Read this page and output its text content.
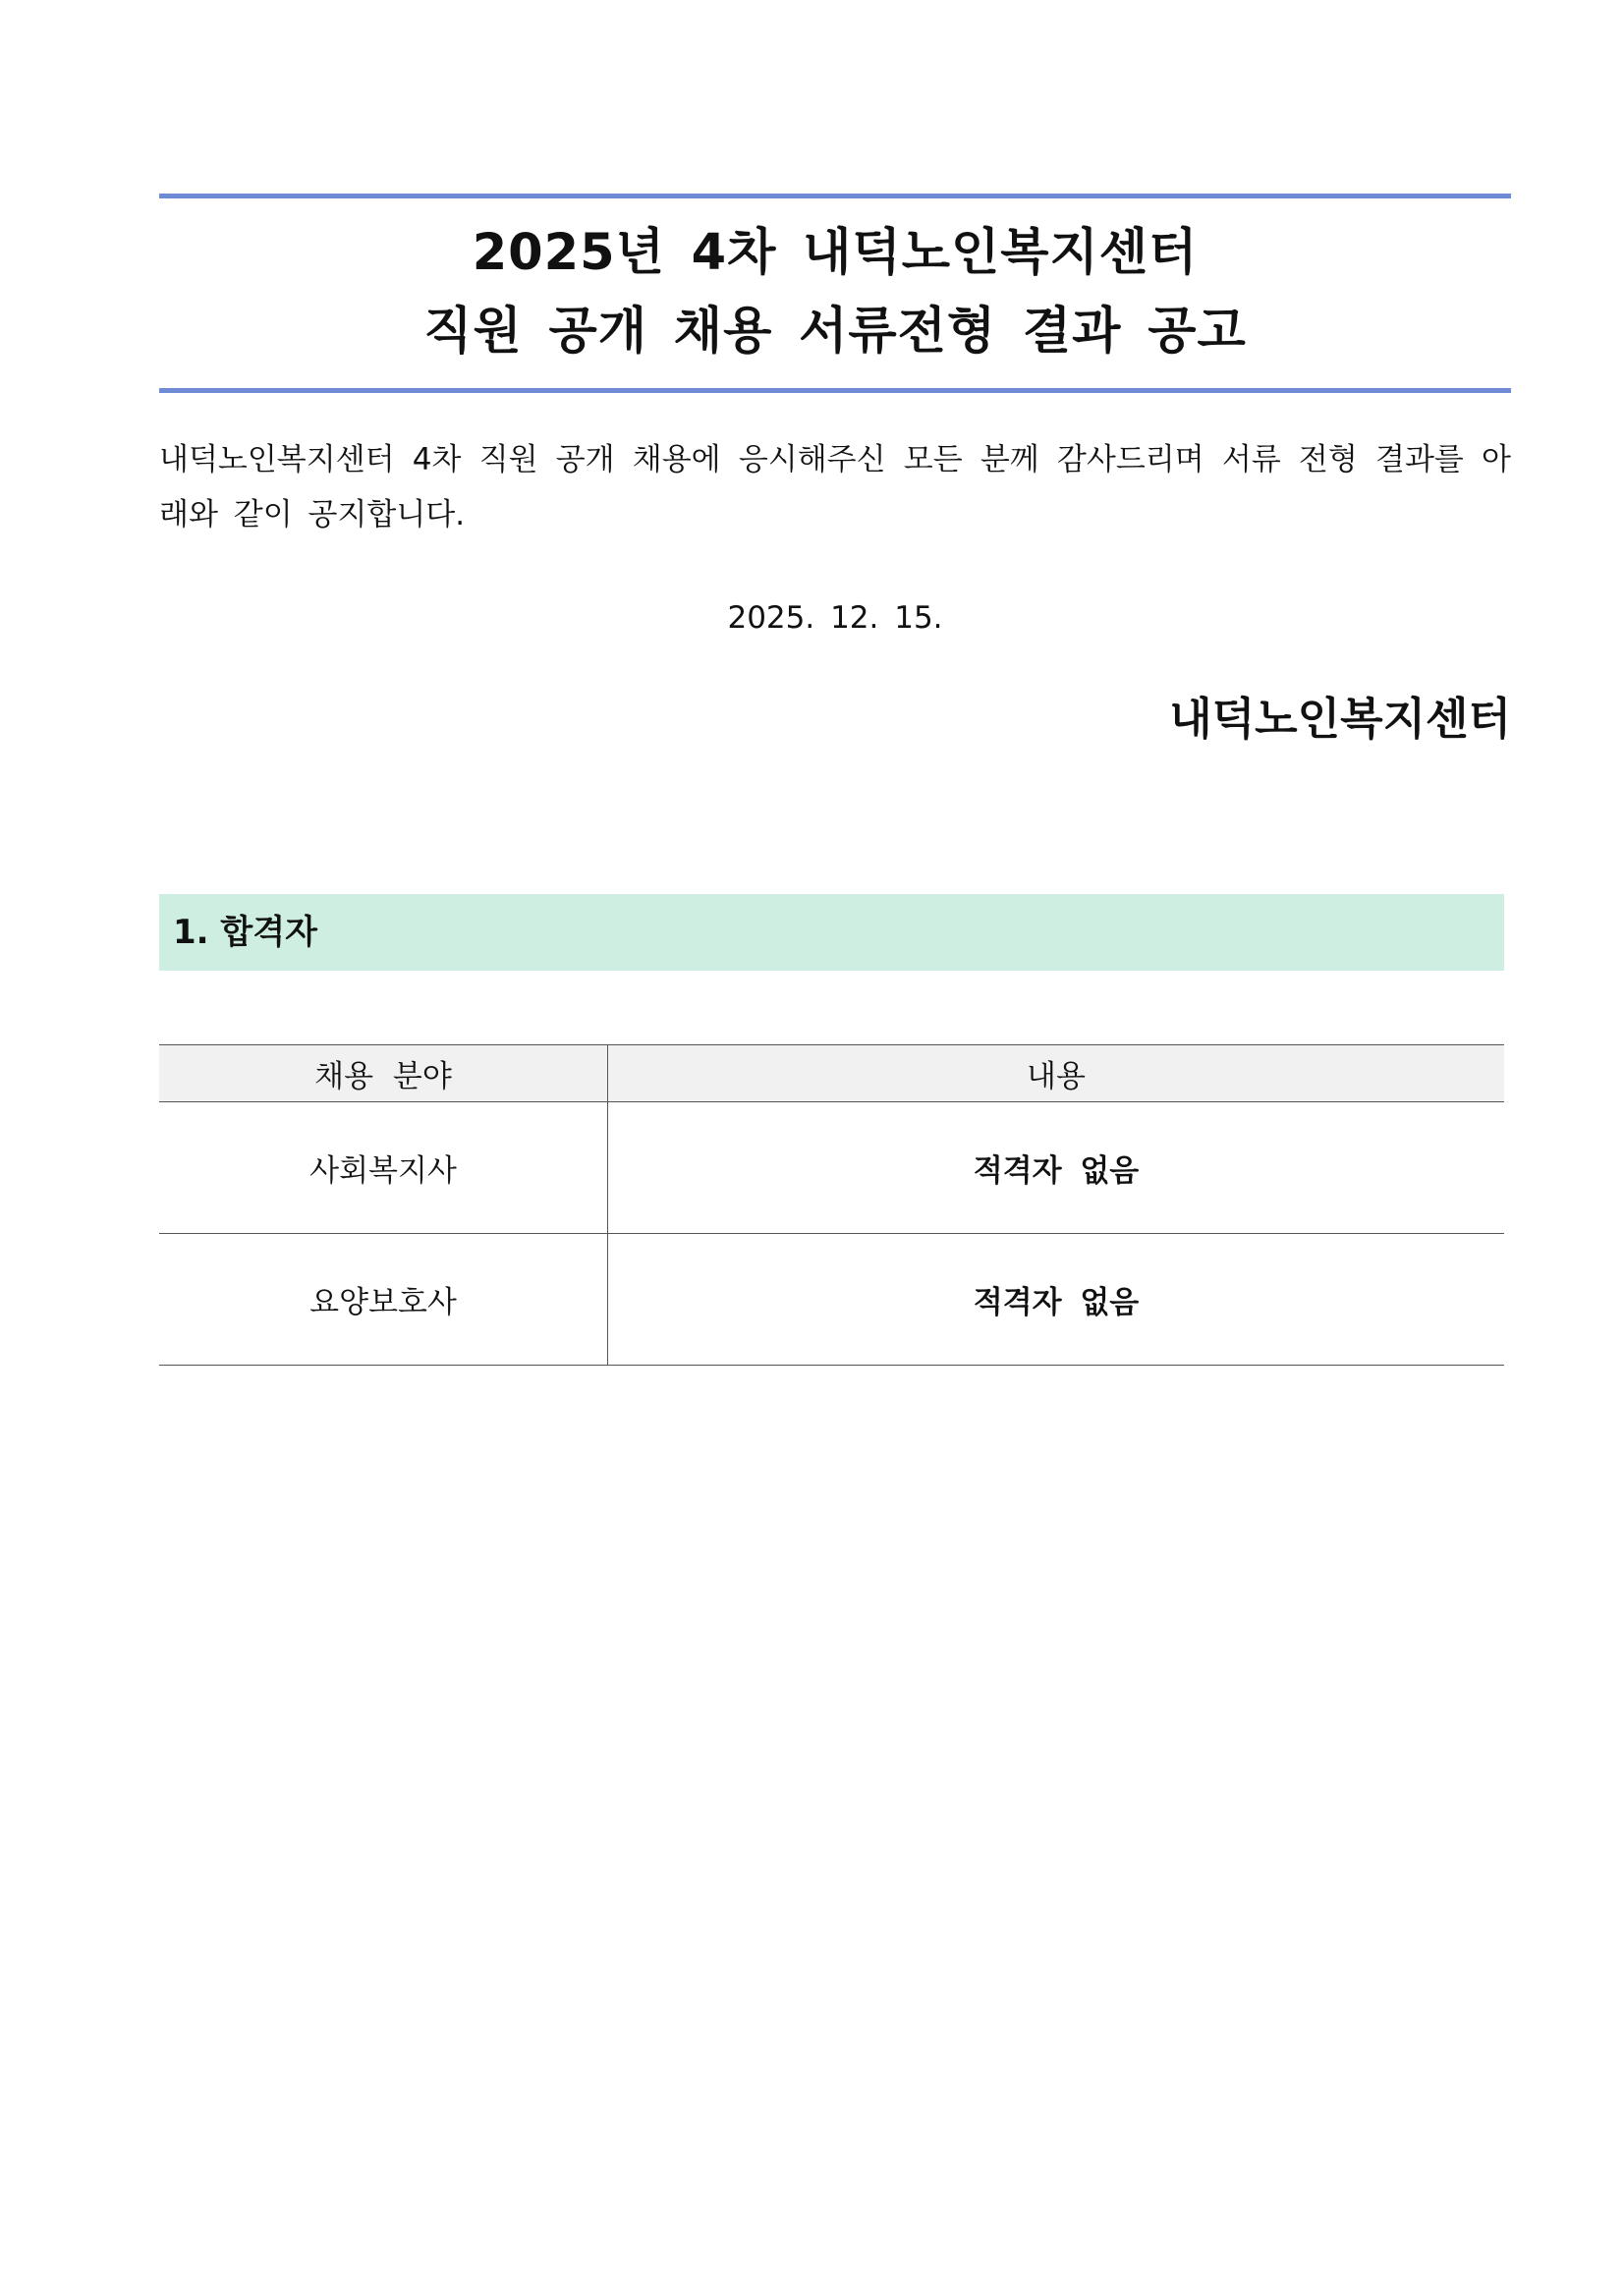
2025년 4차 내덕노인복지센터
직원 공개 채용 서류전형 결과 공고
내덕노인복지센터 4차 직원 공개 채용에 응시해주신 모든 분께 감사드리며 서류 전형 결과를 아래와 같이 공지합니다.
2025. 12. 15.
내덕노인복지센터
1. 합격자
채용 분야	내용
사회복지사	적격자 없음
요양보호사	적격자 없음
